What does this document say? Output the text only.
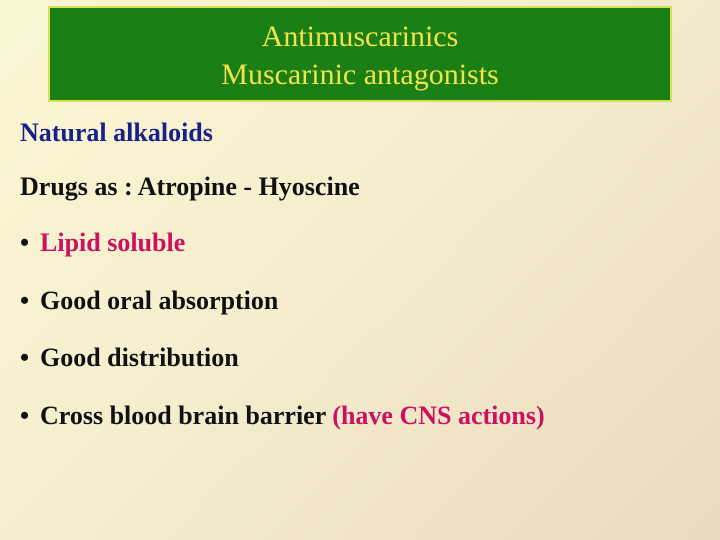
Antimuscarinics
Muscarinic antagonists

Natural alkaloids

Drugs as : Atropine - Hyoscine

• Lipid soluble

• Good oral absorption

• Good distribution

• Cross blood brain barrier (have CNS actions)
